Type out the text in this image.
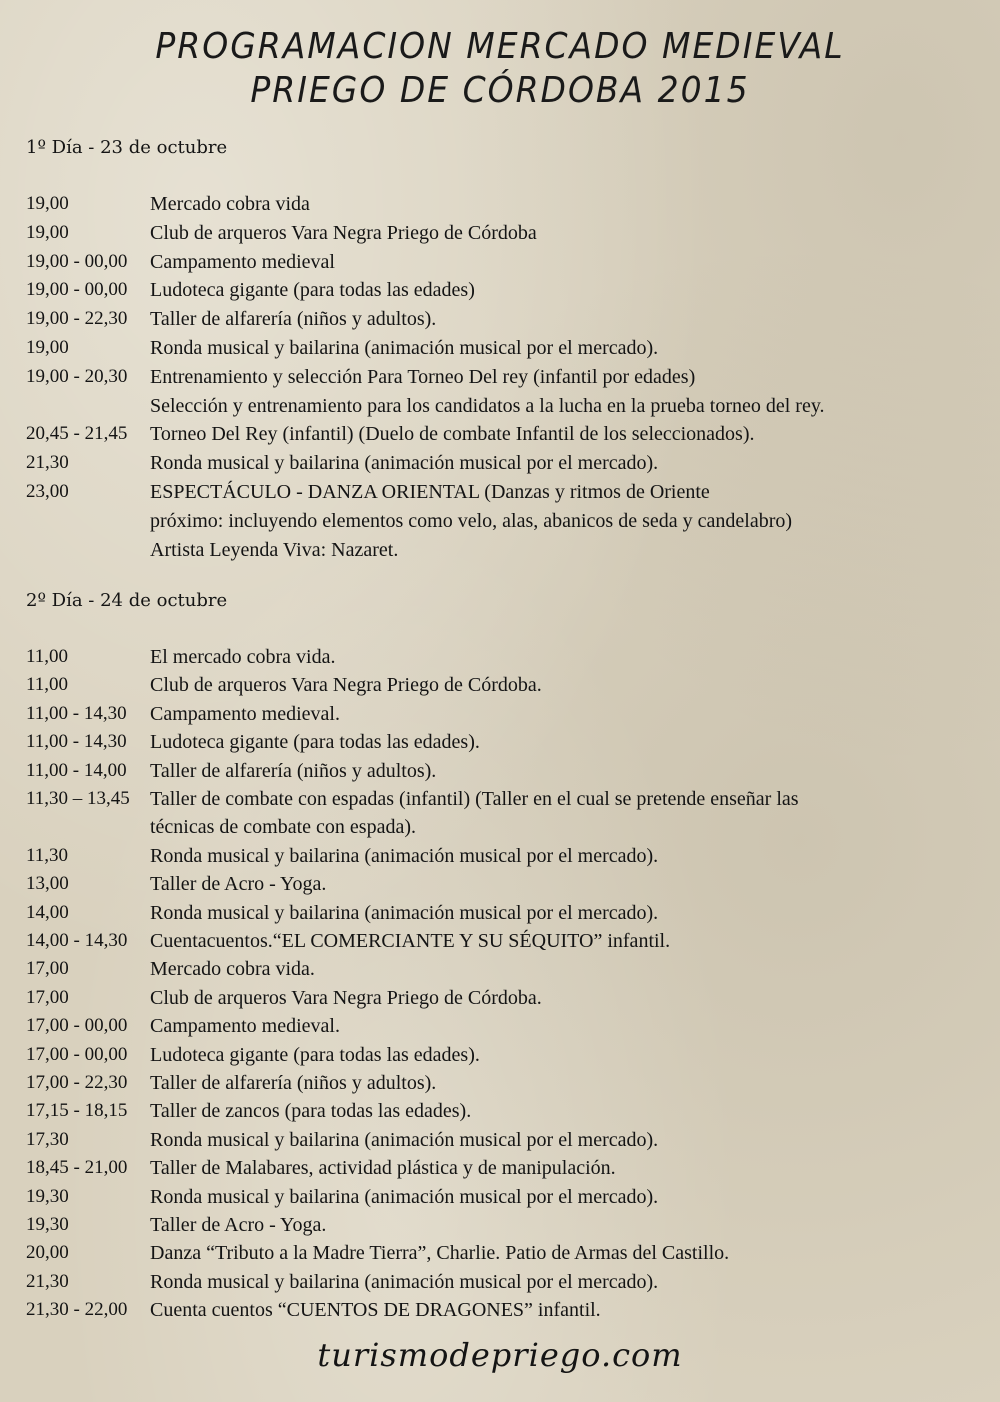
PROGRAMACION MERCADO MEDIEVAL
PRIEGO DE CÓRDOBA 2015
1º Día - 23 de octubre
19,00	Mercado cobra vida
19,00	Club de arqueros Vara Negra Priego de Córdoba
19,00 - 00,00 Campamento medieval
19,00 - 00,00 Ludoteca gigante (para todas las edades)
19,00 - 22,30 Taller de alfarería (niños y adultos).
19,00	Ronda musical y bailarina (animación musical por el mercado).
19,00 - 20,30 Entrenamiento y selección Para Torneo Del rey (infantil por edades)
Selección y entrenamiento para los candidatos a la lucha en la prueba torneo del rey.
20,45 - 21,45 Torneo Del Rey (infantil) (Duelo de combate Infantil de los seleccionados).
21,30	Ronda musical y bailarina (animación musical por el mercado).
23,00	ESPECTÁCULO - DANZA ORIENTAL (Danzas y ritmos de Oriente
próximo: incluyendo elementos como velo, alas, abanicos de seda y candelabro)
Artista Leyenda Viva: Nazaret.
2º Día - 24 de octubre
11,00	El mercado cobra vida.
11,00	Club de arqueros Vara Negra Priego de Córdoba.
11,00 - 14,30 Campamento medieval.
11,00 - 14,30 Ludoteca gigante (para todas las edades).
11,00 - 14,00 Taller de alfarería (niños y adultos).
11,30 – 13,45 Taller de combate con espadas (infantil) (Taller en el cual se pretende enseñar las
técnicas de combate con espada).
11,30	Ronda musical y bailarina (animación musical por el mercado).
13,00	Taller de Acro - Yoga.
14,00	Ronda musical y bailarina (animación musical por el mercado).
14,00 - 14,30 Cuentacuentos.“EL COMERCIANTE Y SU SÉQUITO” infantil.
17,00	Mercado cobra vida.
17,00	Club de arqueros Vara Negra Priego de Córdoba.
17,00 - 00,00 Campamento medieval.
17,00 - 00,00 Ludoteca gigante (para todas las edades).
17,00 - 22,30 Taller de alfarería (niños y adultos).
17,15 - 18,15 Taller de zancos (para todas las edades).
17,30	Ronda musical y bailarina (animación musical por el mercado).
18,45 - 21,00 Taller de Malabares, actividad plástica y de manipulación.
19,30	Ronda musical y bailarina (animación musical por el mercado).
19,30	Taller de Acro - Yoga.
20,00	Danza “Tributo a la Madre Tierra”, Charlie. Patio de Armas del Castillo.
21,30	Ronda musical y bailarina (animación musical por el mercado).
21,30 - 22,00 Cuenta cuentos “CUENTOS DE DRAGONES” infantil.
turismodepriego.com
